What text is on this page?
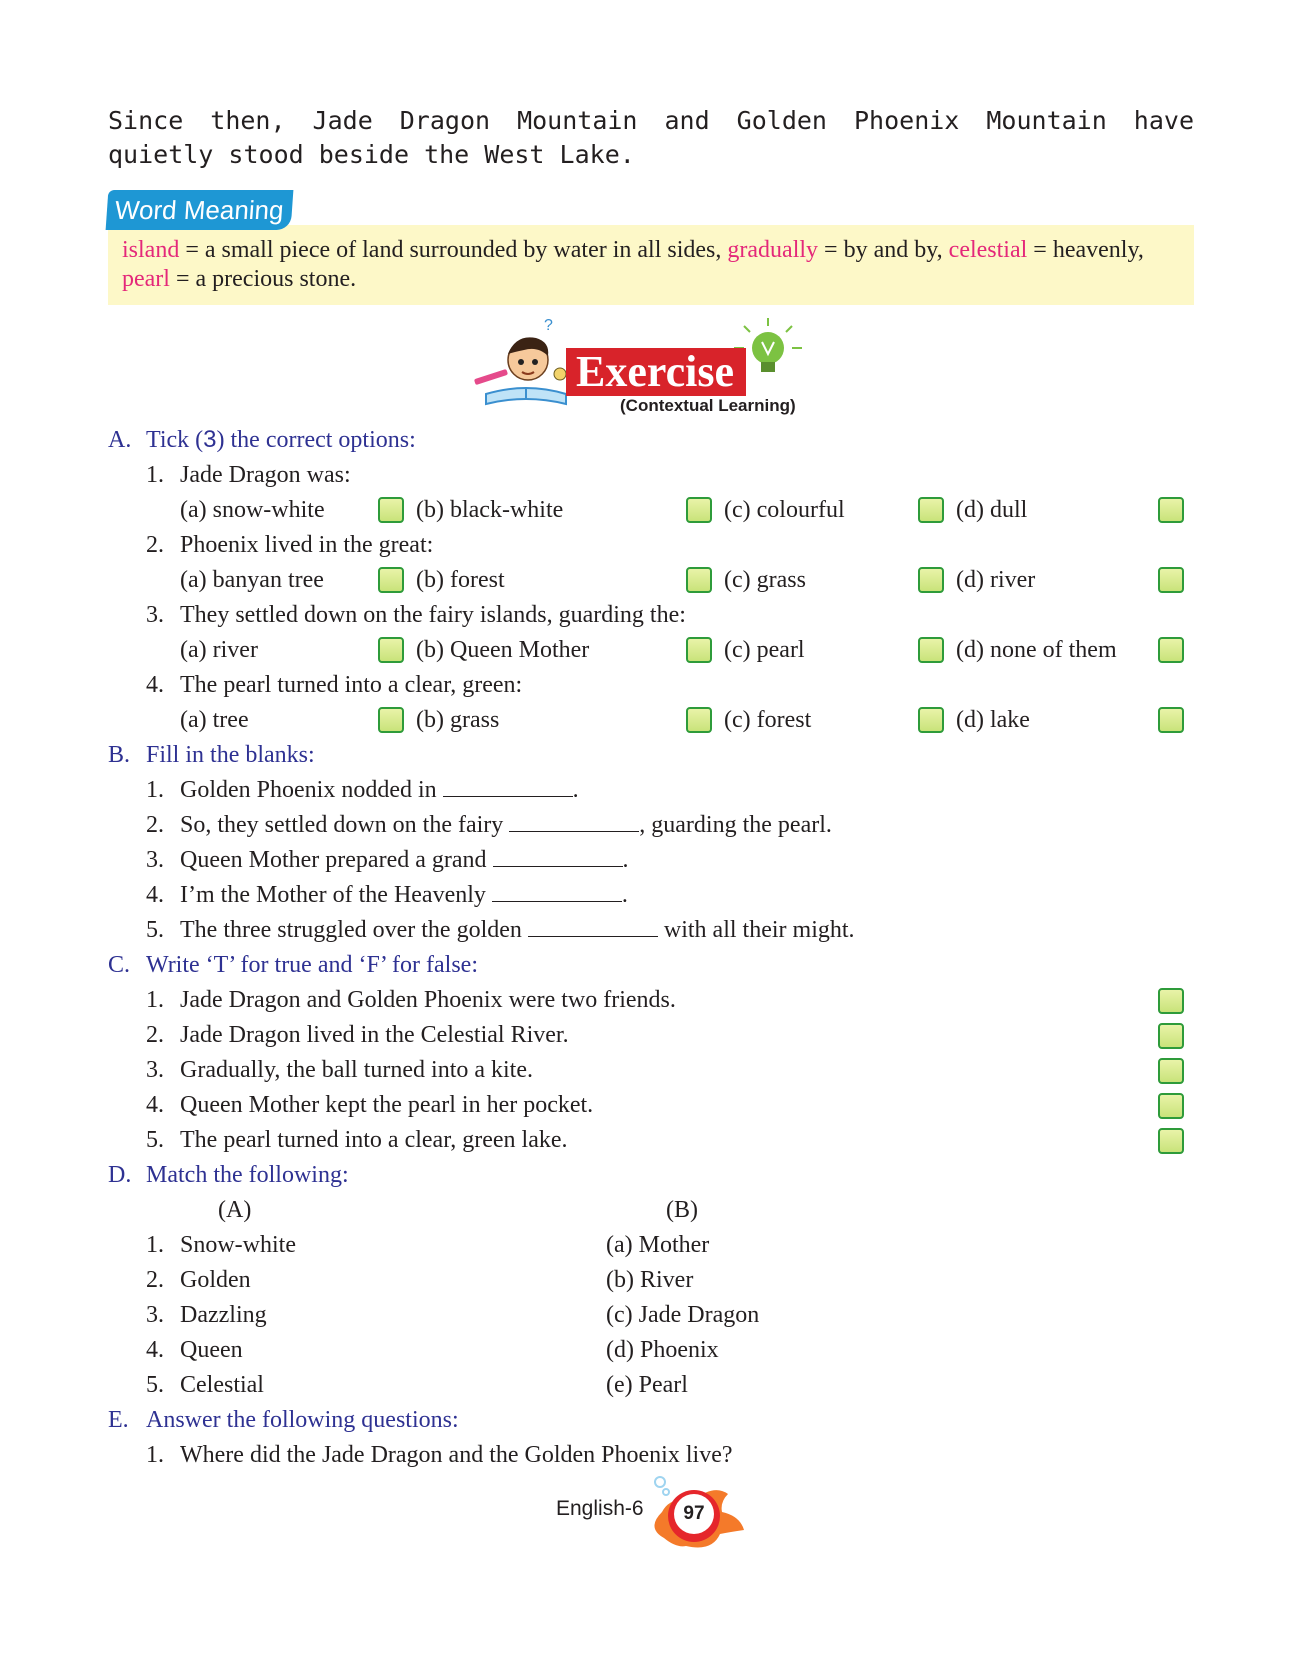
Since then, Jade Dragon Mountain and Golden Phoenix Mountain have quietly stood beside the West Lake.
Word Meaning
island = a small piece of land surrounded by water in all sides, gradually = by and by, celestial = heavenly, pearl = a precious stone.
?
Exercise
(Contextual Learning)
A. Tick (3) the correct options:
1. Jade Dragon was:
(a) snow-white	(b) black-white	(c) colourful	(d) dull
2. Phoenix lived in the great:
(a) banyan tree	(b) forest	(c) grass	(d) river
3. They settled down on the fairy islands, guarding the:
(a) river	(b) Queen Mother	(c) pearl	(d) none of them
4. The pearl turned into a clear, green:
(a) tree	(b) grass	(c) forest	(d) lake
B. Fill in the blanks:
1. Golden Phoenix nodded in	.
2. So, they settled down on the fairy	, guarding the pearl.
3. Queen Mother prepared a grand	.
4. I’m the Mother of the Heavenly	.
5. The three struggled over the golden	with all their might.
C. Write ‘T’ for true and ‘F’ for false:
1. Jade Dragon and Golden Phoenix were two friends.
2. Jade Dragon lived in the Celestial River.
3. Gradually, the ball turned into a kite.
4. Queen Mother kept the pearl in her pocket.
5. The pearl turned into a clear, green lake.
D. Match the following:
(A)	(B)
1. Snow-white	(a) Mother
2. Golden	(b) River
3. Dazzling	(c) Jade Dragon
4. Queen	(d) Phoenix
5. Celestial	(e) Pearl
E. Answer the following questions:
1. Where did the Jade Dragon and the Golden Phoenix live?
English-6	97
